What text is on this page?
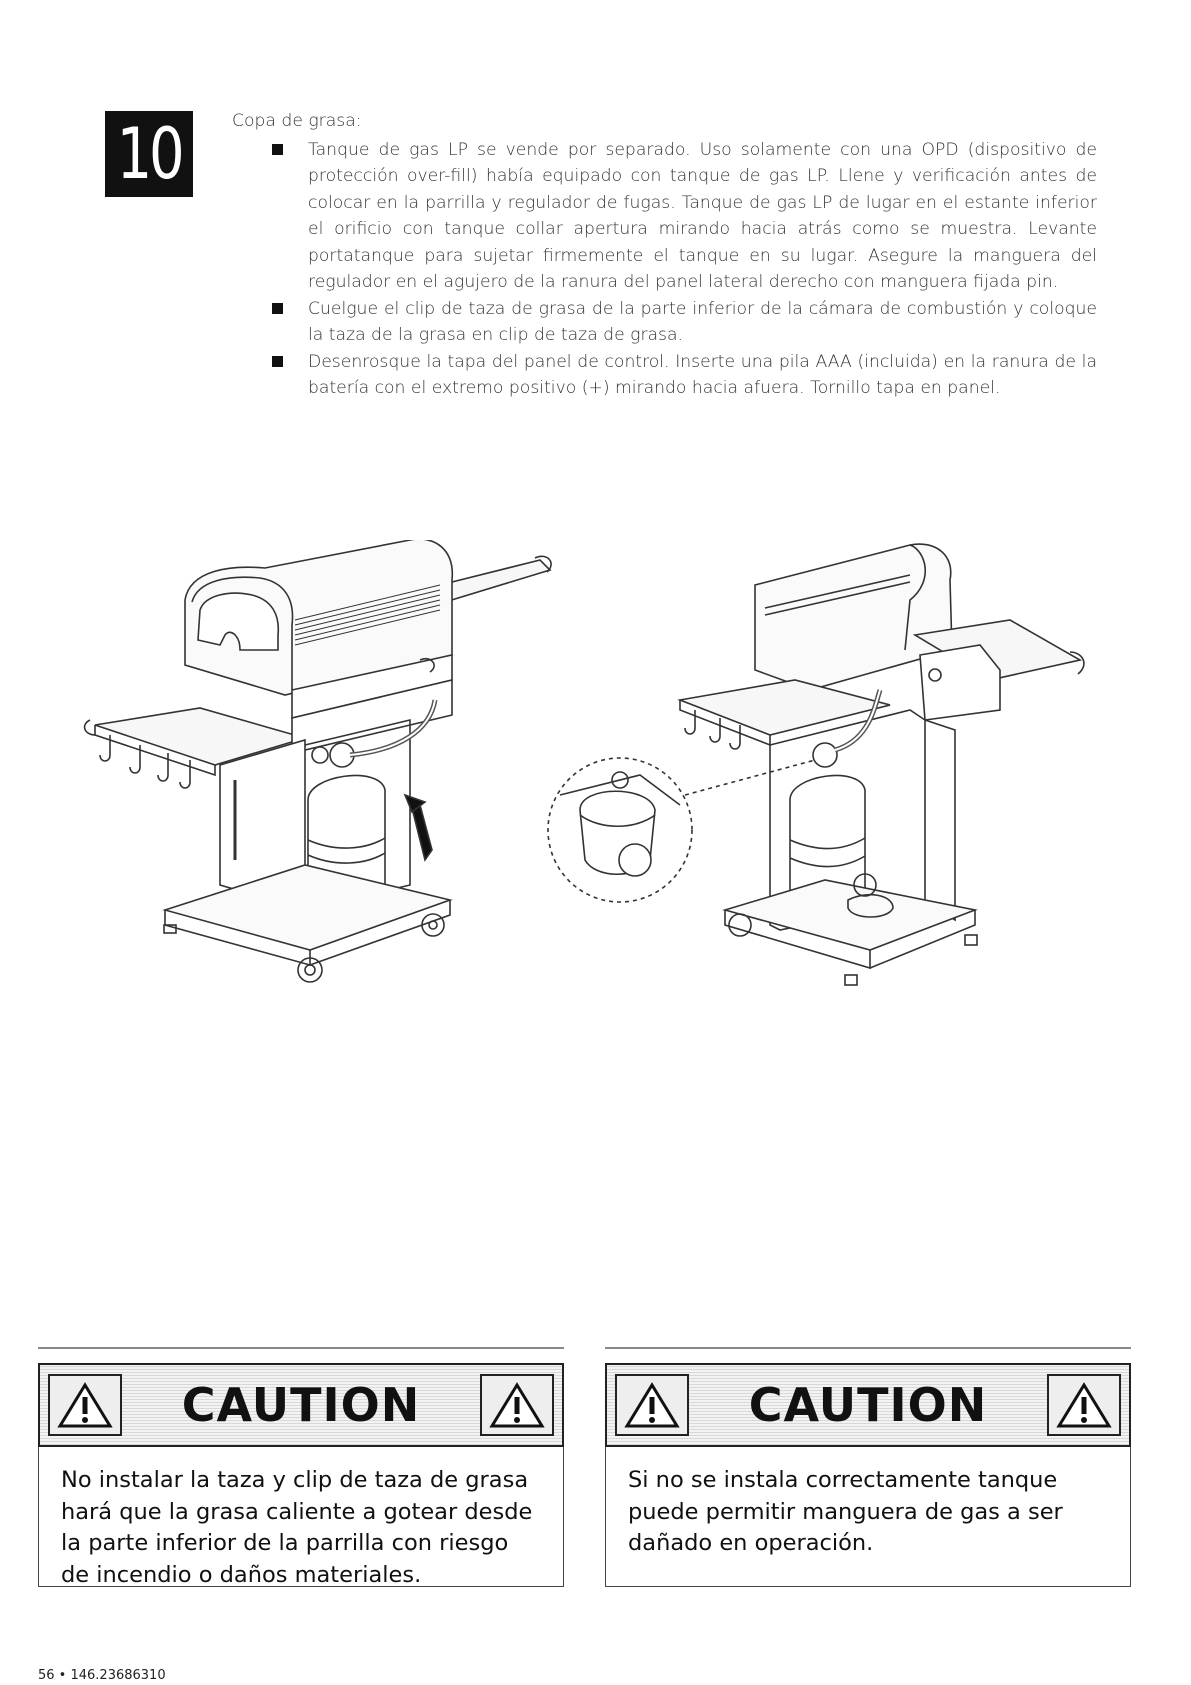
10	Copa de grasa:

Tanque de gas LP se vende por separado. Uso solamente con una OPD (dispositivo de protección over-fill) había equipado con tanque de gas LP. Llene y verificación antes de colocar en la parrilla y regulador de fugas. Tanque de gas LP de lugar en el estante inferior el orificio con tanque collar apertura mirando hacia atrás como se muestra. Levante portatanque para sujetar firmemente el tanque en su lugar. Asegure la manguera del regulador en el agujero de la ranura del panel lateral derecho con manguera fijada pin.
Cuelgue el clip de taza de grasa de la parte inferior de la cámara de combustión y coloque la taza de la grasa en clip de taza de grasa.
Desenrosque la tapa del panel de control. Inserte una pila AAA (incluida) en la ranura de la batería con el extremo positivo (+) mirando hacia afuera. Tornillo tapa en panel.
CAUTION
No instalar la taza y clip de taza de grasa hará que la grasa caliente a gotear desde la parte inferior de la parrilla con riesgo de incendio o daños materiales.
CAUTION
Si no se instala correctamente tanque puede permitir manguera de gas a ser dañado en operación.
56 • 146.23686310
